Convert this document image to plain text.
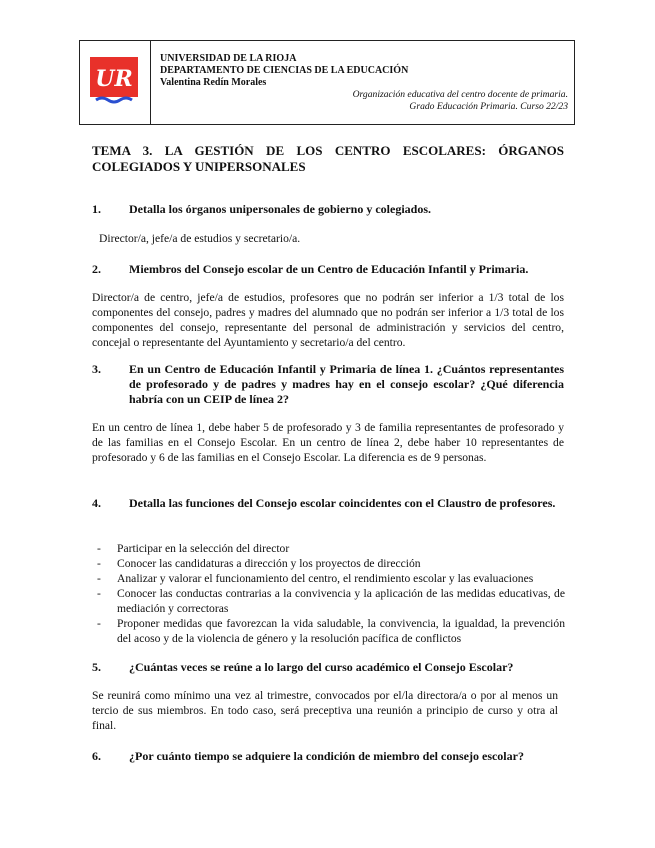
UR
UNIVERSIDAD DE LA RIOJA
DEPARTAMENTO DE CIENCIAS DE LA EDUCACIÓN
Valentina Redín Morales
Organización educativa del centro docente de primaria.
Grado Educación Primaria. Curso 22/23
TEMA 3. LA GESTIÓN DE LOS CENTRO ESCOLARES: ÓRGANOS COLEGIADOS Y UNIPERSONALES
1.	Detalla los órganos unipersonales de gobierno y colegiados.
Director/a, jefe/a de estudios y secretario/a.
2.	Miembros del Consejo escolar de un Centro de Educación Infantil y Primaria.
Director/a de centro, jefe/a de estudios, profesores que no podrán ser inferior a 1/3 total de los componentes del consejo, padres y madres del alumnado que no podrán ser inferior a 1/3 total de los componentes del consejo, representante del personal de administración y servicios del centro, concejal o representante del Ayuntamiento y secretario/a del centro.
3.	En un Centro de Educación Infantil y Primaria de línea 1. ¿Cuántos representantes de profesorado y de padres y madres hay en el consejo escolar? ¿Qué diferencia habría con un CEIP de línea 2?
En un centro de línea 1, debe haber 5 de profesorado y 3 de familia representantes de profesorado y de las familias en el Consejo Escolar. En un centro de línea 2, debe haber 10 representantes de profesorado y 6 de las familias en el Consejo Escolar. La diferencia es de 9 personas.
4.	Detalla las funciones del Consejo escolar coincidentes con el Claustro de profesores.
- Participar en la selección del director
- Conocer las candidaturas a dirección y los proyectos de dirección
- Analizar y valorar el funcionamiento del centro, el rendimiento escolar y las evaluaciones
- Conocer las conductas contrarias a la convivencia y la aplicación de las medidas educativas, de mediación y correctoras
- Proponer medidas que favorezcan la vida saludable, la convivencia, la igualdad, la prevención del acoso y de la violencia de género y la resolución pacífica de conflictos
5.	¿Cuántas veces se reúne a lo largo del curso académico el Consejo Escolar?
Se reunirá como mínimo una vez al trimestre, convocados por el/la directora/a o por al menos un tercio de sus miembros. En todo caso, será preceptiva una reunión a principio de curso y otra al final.
6.	¿Por cuánto tiempo se adquiere la condición de miembro del consejo escolar?
